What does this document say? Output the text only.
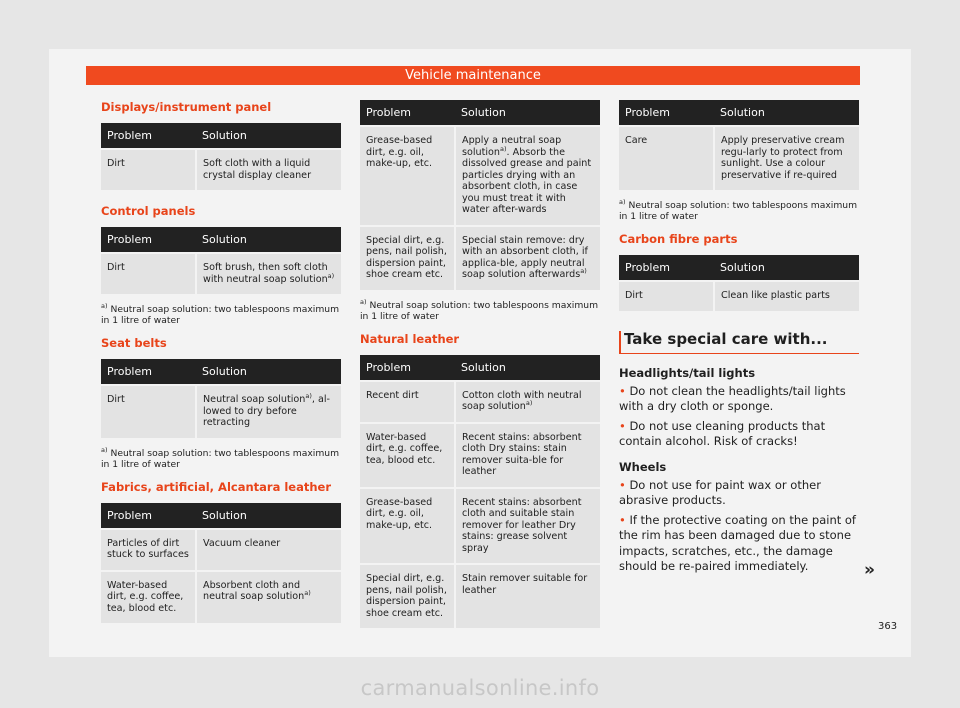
Vehicle maintenance
Displays/instrument panel
Problem	Solution
Dirt	Soft cloth with a liquid crystal display cleaner
Control panels
Problem	Solution
Dirt	Soft brush, then soft cloth with neutral soap solution$^{a)}$
$^{a)}$ Neutral soap solution: two tablespoons maximum in 1 litre of water
Seat belts
Problem	Solution
Dirt	Neutral soap solution$^{a)}$, al-lowed to dry before retracting
$^{a)}$ Neutral soap solution: two tablespoons maximum in 1 litre of water
Fabrics, artificial, Alcantara leather
Problem	Solution
Particles of dirt stuck to surfaces	Vacuum cleaner
Water-based dirt, e.g. coffee, tea, blood etc.	Absorbent cloth and neutral soap solution$^{a)}$
Problem	Solution
Grease-based dirt, e.g. oil, make-up, etc.	Apply a neutral soap solution$^{a)}$. Absorb the dissolved grease and paint particles drying with an absorbent cloth, in case you must treat it with water after-wards
Special dirt, e.g. pens, nail polish, dispersion paint, shoe cream etc.	Special stain remove: dry with an absorbent cloth, if applica-ble, apply neutral soap solution afterwards$^{a)}$
$^{a)}$ Neutral soap solution: two tablespoons maximum in 1 litre of water
Natural leather
Problem	Solution
Recent dirt	Cotton cloth with neutral soap solution$^{a)}$
Water-based dirt, e.g. coffee, tea, blood etc.	Recent stains: absorbent cloth Dry stains: stain remover suita-ble for leather
Grease-based dirt, e.g. oil, make-up, etc.	Recent stains: absorbent cloth and suitable stain remover for leather Dry stains: grease solvent spray
Special dirt, e.g. pens, nail polish, dispersion paint, shoe cream etc.	Stain remover suitable for leather
Problem	Solution
Care	Apply preservative cream regu-larly to protect from sunlight. Use a colour preservative if re-quired
$^{a)}$ Neutral soap solution: two tablespoons maximum in 1 litre of water
Carbon fibre parts
Problem	Solution
Dirt	Clean like plastic parts
Take special care with...
Headlights/tail lights
• Do not clean the headlights/tail lights with a dry cloth or sponge.
• Do not use cleaning products that contain alcohol. Risk of cracks!
Wheels
• Do not use for paint wax or other abrasive products.
• If the protective coating on the paint of the rim has been damaged due to stone impacts, scratches, etc., the damage should be re-paired immediately.	»
363
carmanualsonline.info
